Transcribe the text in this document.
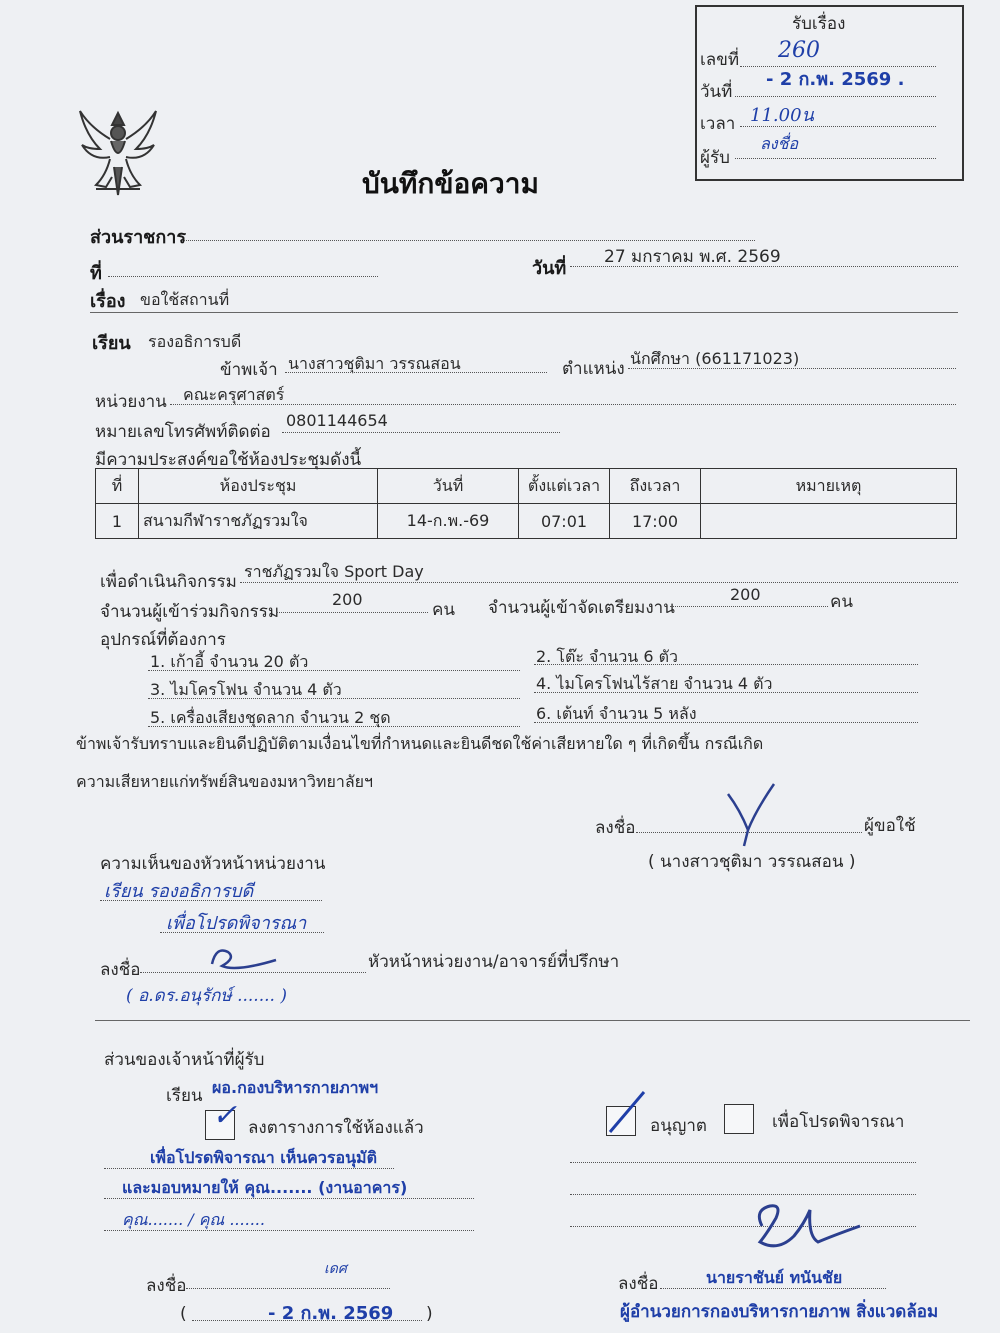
รับเรื่อง
เลขที่ 260
วันที่
- 2 ก.พ. 2569 .
เวลา 11.00น
ผู้รับ
ลงชื่อ
บันทึกข้อความ
ส่วนราชการ
ที่	วันที่
27 มกราคม พ.ศ. 2569
เรื่อง ขอใช้สถานที่
เรียน รองอธิการบดี
ข้าพเจ้า นางสาวชุติมา วรรณสอน	ตำแหน่ง
นักศึกษา (661171023)
หน่วยงาน คณะครุศาสตร์
หมายเลขโทรศัพท์ติดต่อ
0801144654
มีความประสงค์ขอใช้ห้องประชุมดังนี้
ที่	ห้องประชุม	วันที่	ตั้งแต่เวลา	ถึงเวลา	หมายเหตุ
1	สนามกีฬาราชภัฏรวมใจ	14-ก.พ.-69	07:01	17:00	
เพื่อดำเนินกิจกรรม
ราชภัฏรวมใจ Sport Day
จำนวนผู้เข้าร่วมกิจกรรม
200
คน จำนวนผู้เข้าจัดเตรียมงาน
200	คน
อุปกรณ์ที่ต้องการ
1. เก้าอี้ จำนวน 20 ตัว	2. โต๊ะ จำนวน 6 ตัว
3. ไมโครโฟน จำนวน 4 ตัว	4. ไมโครโฟนไร้สาย จำนวน 4 ตัว
5. เครื่องเสียงชุดลาก จำนวน 2 ชุด	6. เต้นท์ จำนวน 5 หลัง
ข้าพเจ้ารับทราบและยินดีปฏิบัติตามเงื่อนไขที่กำหนดและยินดีชดใช้ค่าเสียหายใด ๆ ที่เกิดขึ้น กรณีเกิด
ความเสียหายแก่ทรัพย์สินของมหาวิทยาลัยฯ
ลงชื่อ	ผู้ขอใช้
( นางสาวชุติมา วรรณสอน )
ความเห็นของหัวหน้าหน่วยงาน
เรียน รองอธิการบดี
เพื่อโปรดพิจารณา
ลงชื่อ	หัวหน้าหน่วยงาน/อาจารย์ที่ปรึกษา
( อ.ดร.อนุรักษ์ ....... )
ส่วนของเจ้าหน้าที่ผู้รับ
เรียน ผอ.กองบริหารกายภาพฯ
✓ ลงตารางการใช้ห้องแล้ว	อนุญาต	เพื่อโปรดพิจารณา
เพื่อโปรดพิจารณา เห็นควรอนุมัติ
และมอบหมายให้ คุณ....... (งานอาคาร)
คุณ....... / คุณ .......
ลงชื่อ
เดศ
(	- 2 ก.พ. 2569 )
ลงชื่อ	นายราชันย์ ทนันชัย
ผู้อำนวยการกองบริหารกายภาพ สิ่งแวดล้อม
